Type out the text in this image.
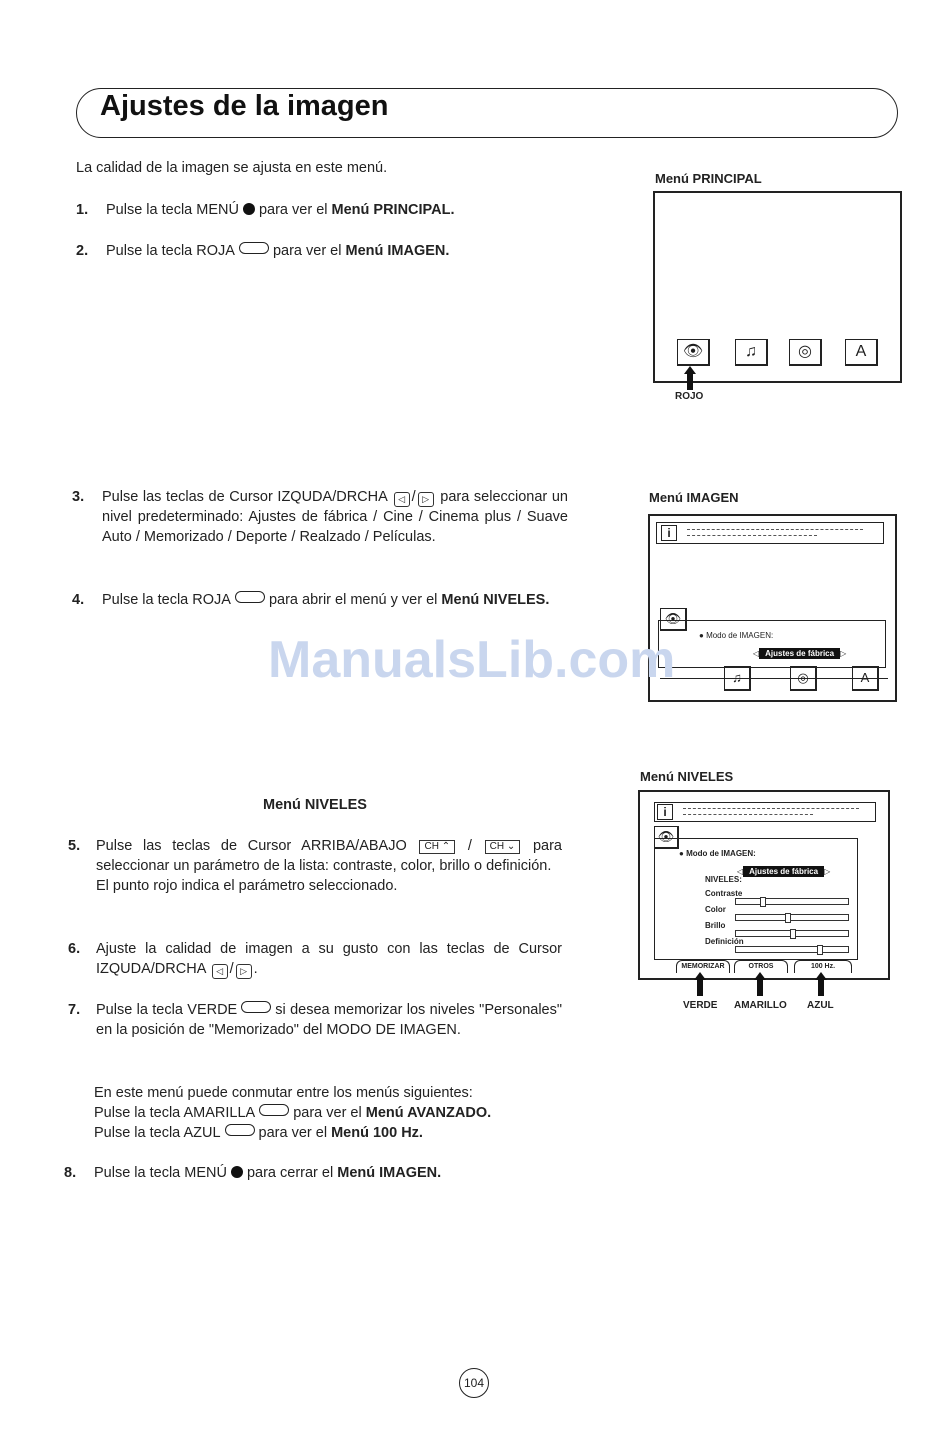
Ajustes de la imagen
La calidad de la imagen se ajusta en este menú.
1. Pulse la tecla MENÚ para ver el Menú PRINCIPAL.
2. Pulse la tecla ROJA	para ver el Menú IMAGEN.
3. Pulse las teclas de Cursor IZQUDA/DRCHA ◁ / ▷ para seleccionar un nivel predeterminado: Ajustes de fábrica / Cine / Cinema plus / Suave Auto / Memorizado / Deporte / Realzado / Películas.
4. Pulse la tecla ROJA	para abrir el menú y ver el Menú NIVELES.
Menú NIVELES
5. Pulse las teclas de Cursor ARRIBA/ABAJO CH ⌃ / CH ⌄ para seleccionar un parámetro de la lista: contraste, color, brillo o definición.
El punto rojo indica el parámetro seleccionado.
6. Ajuste la calidad de imagen a su gusto con las teclas de Cursor IZQUDA/DRCHA ◁ / ▷ .
7. Pulse la tecla VERDE	si desea memorizar los niveles "Personales" en la posición de "Memorizado" del MODO DE IMAGEN.
En este menú puede conmutar entre los menús siguientes:
Pulse la tecla AMARILLA	para ver el Menú AVANZADO.
Pulse la tecla AZUL	para ver el Menú 100 Hz.
8. Pulse la tecla MENÚ para cerrar el Menú IMAGEN.
Menú PRINCIPAL
👁	♫	◎	A
ROJO
Menú IMAGEN
i
● Modo de IMAGEN:
◁ Ajustes de fábrica ▷
👁
♫	◎	A
ManualsLib.com
Menú NIVELES
i
● Modo de IMAGEN:
◁ Ajustes de fábrica ▷
NIVELES:
Contraste
Color
Brillo
Definición
👁
MEMORIZAR	OTROS	100 Hz.
VERDE AMARILLO AZUL
104
